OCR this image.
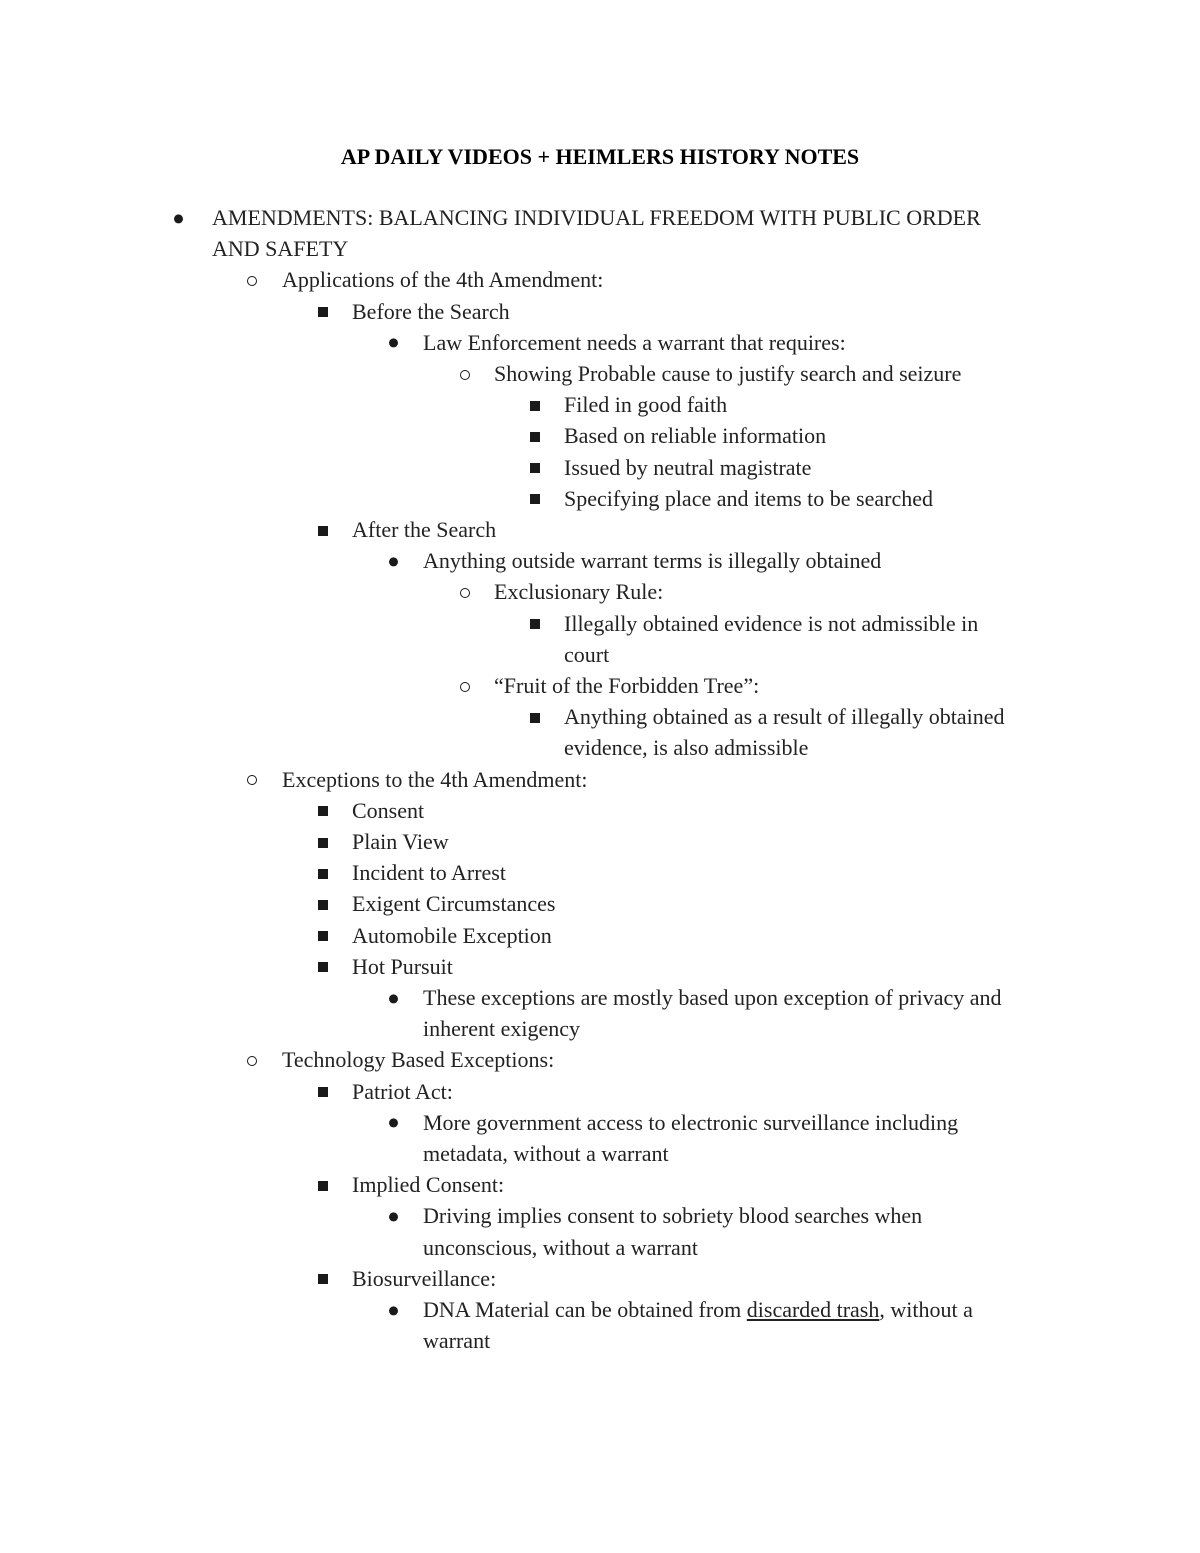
AP DAILY VIDEOS + HEIMLERS HISTORY NOTES
AMENDMENTS: BALANCING INDIVIDUAL FREEDOM WITH PUBLIC ORDER
AND SAFETY
Applications of the 4th Amendment:
Before the Search
Law Enforcement needs a warrant that requires:
Showing Probable cause to justify search and seizure
Filed in good faith
Based on reliable information
Issued by neutral magistrate
Specifying place and items to be searched
After the Search
Anything outside warrant terms is illegally obtained
Exclusionary Rule:
Illegally obtained evidence is not admissible in
court
“Fruit of the Forbidden Tree”:
Anything obtained as a result of illegally obtained
evidence, is also admissible
Exceptions to the 4th Amendment:
Consent
Plain View
Incident to Arrest
Exigent Circumstances
Automobile Exception
Hot Pursuit
These exceptions are mostly based upon exception of privacy and
inherent exigency
Technology Based Exceptions:
Patriot Act:
More government access to electronic surveillance including
metadata, without a warrant
Implied Consent:
Driving implies consent to sobriety blood searches when
unconscious, without a warrant
Biosurveillance:
DNA Material can be obtained from discarded trash, without a
warrant
